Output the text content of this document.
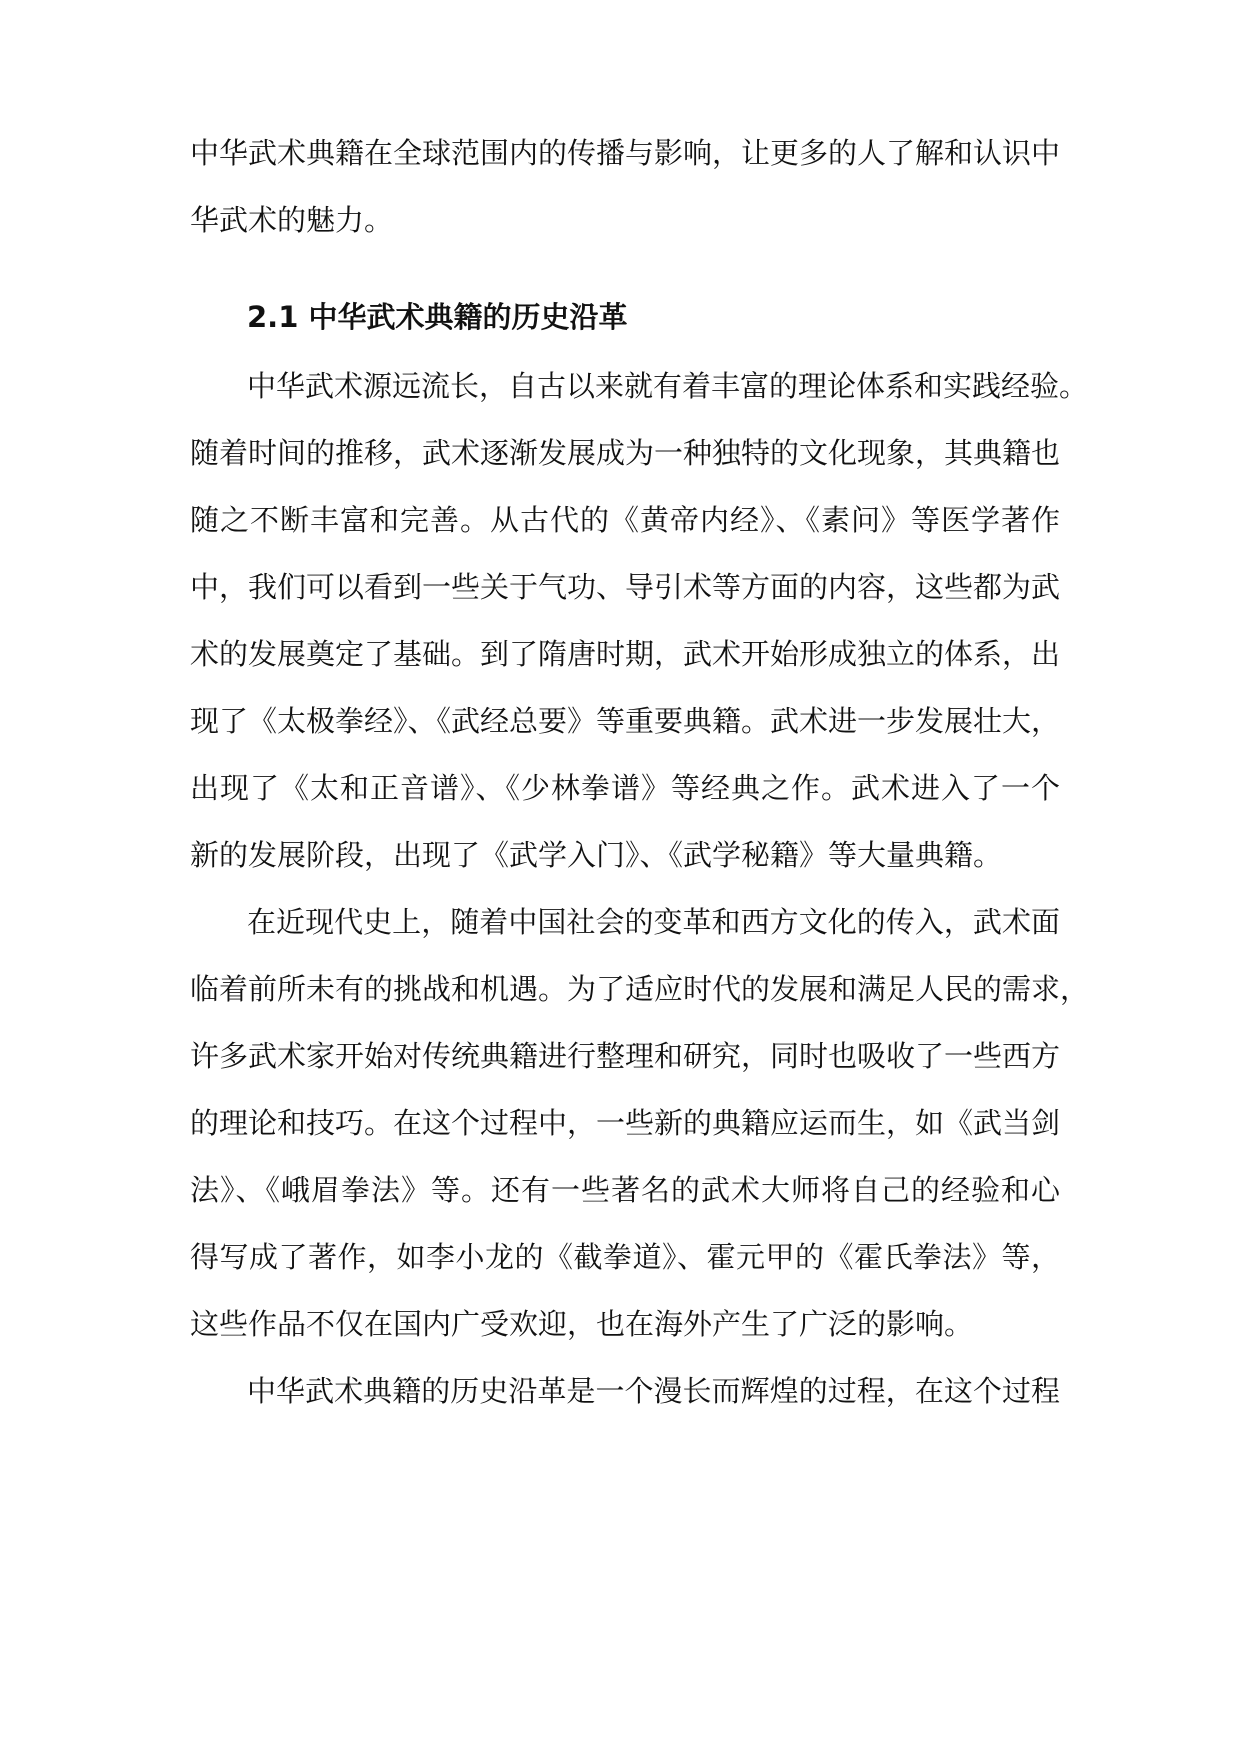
中华武术典籍在全球范围内的传播与影响，让更多的人了解和认识中
华武术的魅力。
2.1 中华武术典籍的历史沿革
中华武术源远流长，自古以来就有着丰富的理论体系和实践经验。
随着时间的推移，武术逐渐发展成为一种独特的文化现象，其典籍也
随之不断丰富和完善。从古代的《黄帝内经》、《素问》等医学著作
中，我们可以看到一些关于气功、导引术等方面的内容，这些都为武
术的发展奠定了基础。到了隋唐时期，武术开始形成独立的体系，出
现了《太极拳经》、《武经总要》等重要典籍。武术进一步发展壮大，
出现了《太和正音谱》、《少林拳谱》等经典之作。武术进入了一个
新的发展阶段，出现了《武学入门》、《武学秘籍》等大量典籍。
在近现代史上，随着中国社会的变革和西方文化的传入，武术面
临着前所未有的挑战和机遇。为了适应时代的发展和满足人民的需求，
许多武术家开始对传统典籍进行整理和研究，同时也吸收了一些西方
的理论和技巧。在这个过程中，一些新的典籍应运而生，如《武当剑
法》、《峨眉拳法》等。还有一些著名的武术大师将自己的经验和心
得写成了著作，如李小龙的《截拳道》、霍元甲的《霍氏拳法》等，
这些作品不仅在国内广受欢迎，也在海外产生了广泛的影响。
中华武术典籍的历史沿革是一个漫长而辉煌的过程，在这个过程
